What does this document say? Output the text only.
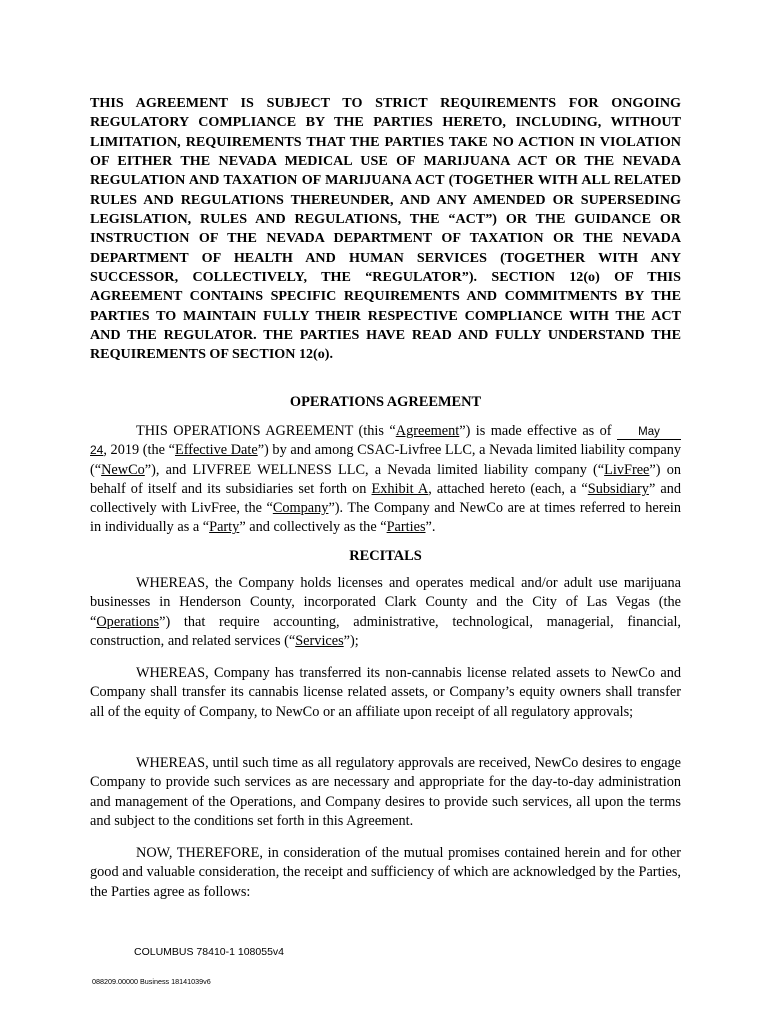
THIS AGREEMENT IS SUBJECT TO STRICT REQUIREMENTS FOR ONGOING REGULATORY COMPLIANCE BY THE PARTIES HERETO, INCLUDING, WITHOUT LIMITATION, REQUIREMENTS THAT THE PARTIES TAKE NO ACTION IN VIOLATION OF EITHER THE NEVADA MEDICAL USE OF MARIJUANA ACT OR THE NEVADA REGULATION AND TAXATION OF MARIJUANA ACT (TOGETHER WITH ALL RELATED RULES AND REGULATIONS THEREUNDER, AND ANY AMENDED OR SUPERSEDING LEGISLATION, RULES AND REGULATIONS, THE “ACT”) OR THE GUIDANCE OR INSTRUCTION OF THE NEVADA DEPARTMENT OF TAXATION OR THE NEVADA DEPARTMENT OF HEALTH AND HUMAN SERVICES (TOGETHER WITH ANY SUCCESSOR, COLLECTIVELY, THE “REGULATOR”). SECTION 12(o) OF THIS AGREEMENT CONTAINS SPECIFIC REQUIREMENTS AND COMMITMENTS BY THE PARTIES TO MAINTAIN FULLY THEIR RESPECTIVE COMPLIANCE WITH THE ACT AND THE REGULATOR. THE PARTIES HAVE READ AND FULLY UNDERSTAND THE REQUIREMENTS OF SECTION 12(o).
OPERATIONS AGREEMENT
THIS OPERATIONS AGREEMENT (this “Agreement”) is made effective as of May 24, 2019 (the “Effective Date”) by and among CSAC-Livfree LLC, a Nevada limited liability company (“NewCo”), and LIVFREE WELLNESS LLC, a Nevada limited liability company (“LivFree”) on behalf of itself and its subsidiaries set forth on Exhibit A, attached hereto (each, a “Subsidiary” and collectively with LivFree, the “Company”). The Company and NewCo are at times referred to herein in individually as a “Party” and collectively as the “Parties”.
RECITALS
WHEREAS, the Company holds licenses and operates medical and/or adult use marijuana businesses in Henderson County, incorporated Clark County and the City of Las Vegas (the “Operations”) that require accounting, administrative, technological, managerial, financial, construction, and related services (“Services”);
WHEREAS, Company has transferred its non-cannabis license related assets to NewCo and Company shall transfer its cannabis license related assets, or Company’s equity owners shall transfer all of the equity of Company, to NewCo or an affiliate upon receipt of all regulatory approvals;
WHEREAS, until such time as all regulatory approvals are received, NewCo desires to engage Company to provide such services as are necessary and appropriate for the day-to-day administration and management of the Operations, and Company desires to provide such services, all upon the terms and subject to the conditions set forth in this Agreement.
NOW, THEREFORE, in consideration of the mutual promises contained herein and for other good and valuable consideration, the receipt and sufficiency of which are acknowledged by the Parties, the Parties agree as follows:
COLUMBUS 78410-1 108055v4
088209.00000 Business 18141039v6
